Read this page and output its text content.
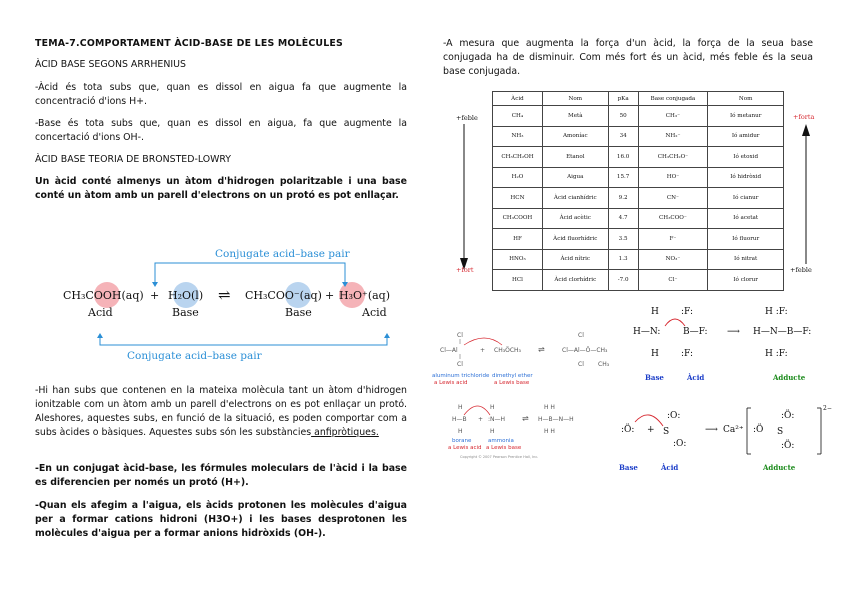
TEMA-7.COMPORTAMENT ÀCID-BASE DE LES MOLÈCULES
ÀCID BASE SEGONS ARRHENIUS
-Àcid és tota subs que, quan es dissol en aigua fa que augmente la concentració d'ions H+.
-Base és tota subs que, quan es dissol en aigua, fa que augmente la concertació d'ions OH-.
ÀCID BASE TEORIA DE BRONSTED-LOWRY
Un àcid conté almenys un àtom d'hidrogen polaritzable i una base conté un àtom amb un parell d'electrons on un protó es pot enllaçar.
Conjugate acid–base pair
Conjugate acid–base pair
CH₃COOH(aq) + H₂O(l) ⇌ CH₃COO⁻(aq) + H₃O⁺(aq)
Acid	Base	Base	Acid
-Hi han subs que contenen en la mateixa molècula tant un àtom d'hidrogen ionitzable com un àtom amb un parell d'electrons on es pot enllaçar un protó. Aleshores, aquestes subs, en funció de la situació, es poden comportar com a subs àcides o bàsiques. Aquestes subs són les substàncies anfipròtiques.
-En un conjugat àcid-base, les fórmules moleculars de l'àcid i la base es diferencien per només un protó (H+).
-Quan els afegim a l'aigua, els àcids protonen les molècules d'aigua per a formar cations hidroni (H3O+) i les bases desprotonen les molècules d'aigua per a formar anions hidròxids (OH-).
-A mesura que augmenta la força d'un àcid, la força de la seua base conjugada ha de disminuir. Com més fort és un àcid, més feble és la seua base conjugada.
+feble
+fort
+forta
+feble
Àcid	Nom	pKa	Base conjugada	Nom
CH₄	Metà	50	CH₃⁻	Ió metanur
NH₃	Amoníac	34	NH₂⁻	Ió amidur
CH₃CH₂OH	Etanol	16.0	CH₃CH₂O⁻	Ió etoxid
H₂O	Aigua	15.7	HO⁻	Ió hidròxid
HCN	Àcid cianhídric	9.2	CN⁻	Ió cianur
CH₃COOH	Àcid acètic	4.7	CH₃COO⁻	Ió acetat
HF	Àcid fluorhídric	3.5	F⁻	Ió fluorur
HNO₃	Àcid nítric	1.3	NO₃⁻	Ió nitrat
HCl	Àcid clorhídric	-7.0	Cl⁻	Ió clorur
Cl
Cl—Al
Cl
+ CH₃ÖCH₃ ⇌
Cl
Cl—Al—Ö—CH₃
Cl CH₃
aluminum trichloride
a Lewis acid
dimethyl ether
a Lewis base
H
H—B
H
+
H
:N—H
H
⇌
H H
H—B—N—H
H H
borane
a Lewis acid
ammonia
a Lewis base
Copyright © 2007 Pearson Prentice Hall, Inc.
H
H—N:
H
:F:
B—F:
:F:
⟶
H :F:
H—N—B—F:
H :F:
Base	Àcid	Adducte
:Ö: +
:O:
S
:O:
⟶ Ca²⁺ :Ö
:Ö:
S
:Ö:
2−
Base	Àcid	Adducte
